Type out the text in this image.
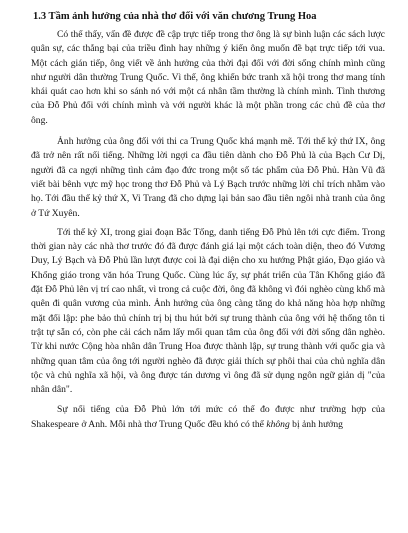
1.3 Tầm ảnh hưởng của nhà thơ đối với văn chương Trung Hoa

Có thể thấy, vấn đề được đề cập trực tiếp trong thơ ông là sự bình luận các sách lược quân sự, các thắng bại của triều đình hay những ý kiến ông muốn đề bạt trực tiếp tới vua. Một cách gián tiếp, ông viết về ảnh hưởng của thời đại đối với đời sống chính mình cũng như người dân thường Trung Quốc. Vì thế, ông khiến bức tranh xã hội trong thơ mang tính khái quát cao hơn khi so sánh nó với một cá nhân tầm thường là chính mình. Tình thương của Đỗ Phủ đối với chính mình và với người khác là một phần trong các chủ đề của thơ ông.

Ảnh hưởng của ông đối với thi ca Trung Quốc khá mạnh mẽ. Tới thế kỷ thứ IX, ông đã trở nên rất nổi tiếng. Những lời ngợi ca đầu tiên dành cho Đỗ Phủ là của Bạch Cư Dị, người đã ca ngợi những tình cảm đạo đức trong một số tác phẩm của Đỗ Phủ. Hàn Vũ đã viết bài bênh vực mỹ học trong thơ Đỗ Phủ và Lý Bạch trước những lời chỉ trích nhằm vào họ. Tới đầu thế kỷ thứ X, Vi Trang đã cho dựng lại bản sao đầu tiên ngôi nhà tranh của ông ở Tứ Xuyên.

Tới thế kỷ XI, trong giai đoạn Bắc Tống, danh tiếng Đỗ Phủ lên tới cực điểm. Trong thời gian này các nhà thơ trước đó đã được đánh giá lại một cách toàn diện, theo đó Vương Duy, Lý Bạch và Đỗ Phủ lần lượt được coi là đại diện cho xu hướng Phật giáo, Đạo giáo và Khổng giáo trong văn hóa Trung Quốc. Cùng lúc ấy, sự phát triển của Tân Khổng giáo đã đặt Đỗ Phủ lên vị trí cao nhất, vì trong cả cuộc đời, ông đã không vì đói nghèo cùng khổ mà quên đi quân vương của mình. Ảnh hưởng của ông càng tăng do khả năng hòa hợp những mặt đối lập: phe bảo thủ chính trị bị thu hút bởi sự trung thành của ông với hệ thống tôn ti trật tự sẵn có, còn phe cải cách nắm lấy mối quan tâm của ông đối với đời sống dân nghèo. Từ khi nước Cộng hòa nhân dân Trung Hoa được thành lập, sự trung thành với quốc gia và những quan tâm của ông tới người nghèo đã được giải thích sự phôi thai của chủ nghĩa dân tộc và chủ nghĩa xã hội, và ông được tán dương vì ông đã sử dụng ngôn ngữ giản dị "của nhân dân".

Sự nổi tiếng của Đỗ Phủ lớn tới mức có thể đo được như trường hợp của Shakespeare ở Anh. Mỗi nhà thơ Trung Quốc đều khó có thể không bị ảnh hưởng
